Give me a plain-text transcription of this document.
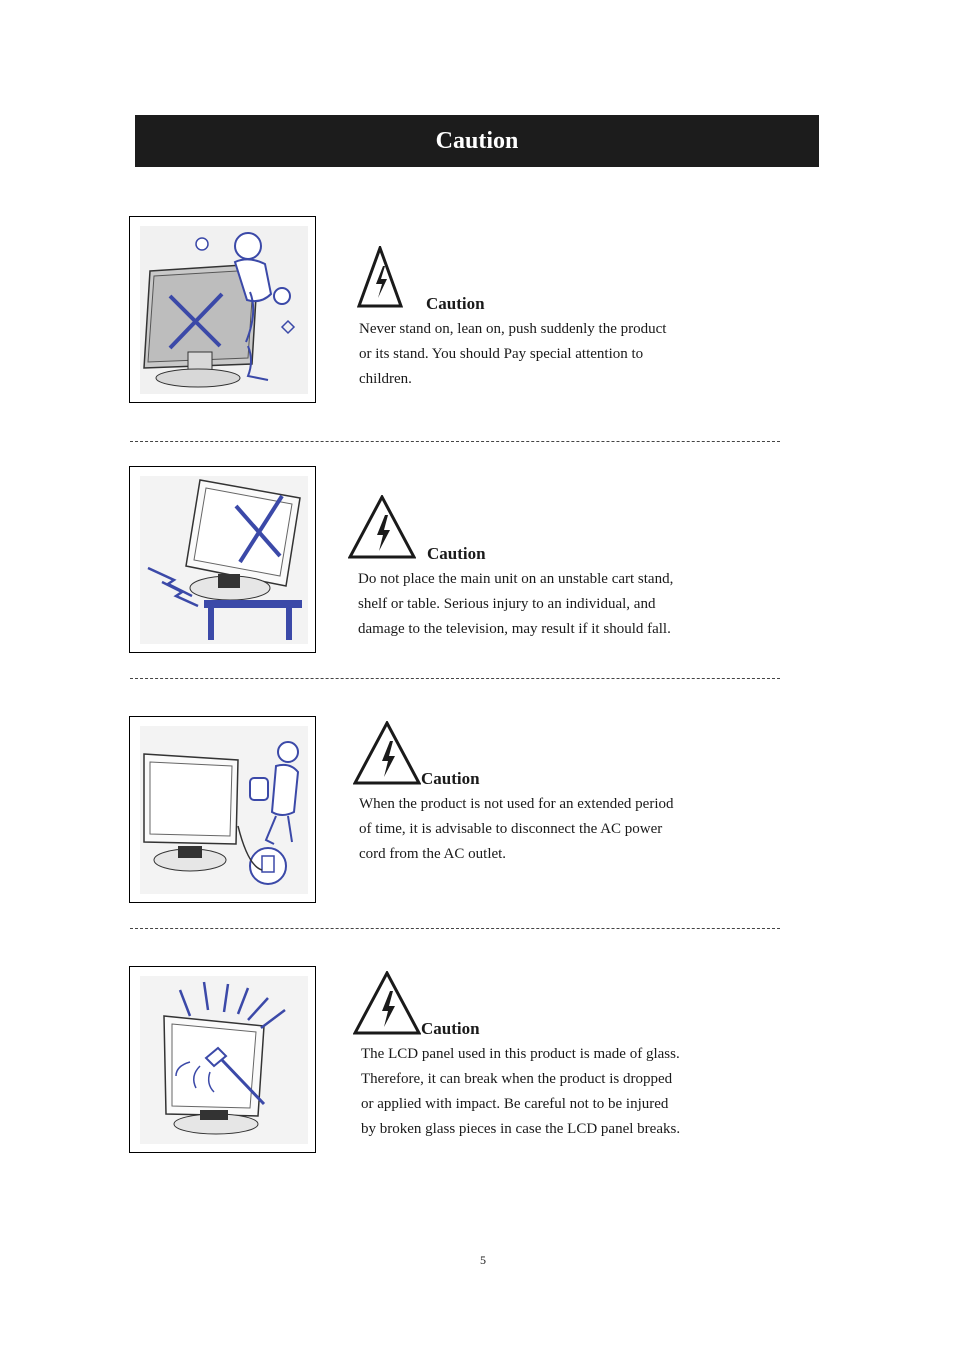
Caution
Caution
Never stand on, lean on, push suddenly the product
or its stand. You should Pay special attention to
children.
Caution
Do not place the main unit on an unstable cart stand,
shelf or table. Serious injury to an individual, and
damage to the television, may result if it should fall.
Caution
When the product is not used for an extended period
of time, it is advisable to disconnect the AC power
cord from the AC outlet.
Caution
The LCD panel used in this product is made of glass.
Therefore, it can break when the product is dropped
or applied with impact. Be careful not to be injured
by broken glass pieces in case the LCD panel breaks.
5
